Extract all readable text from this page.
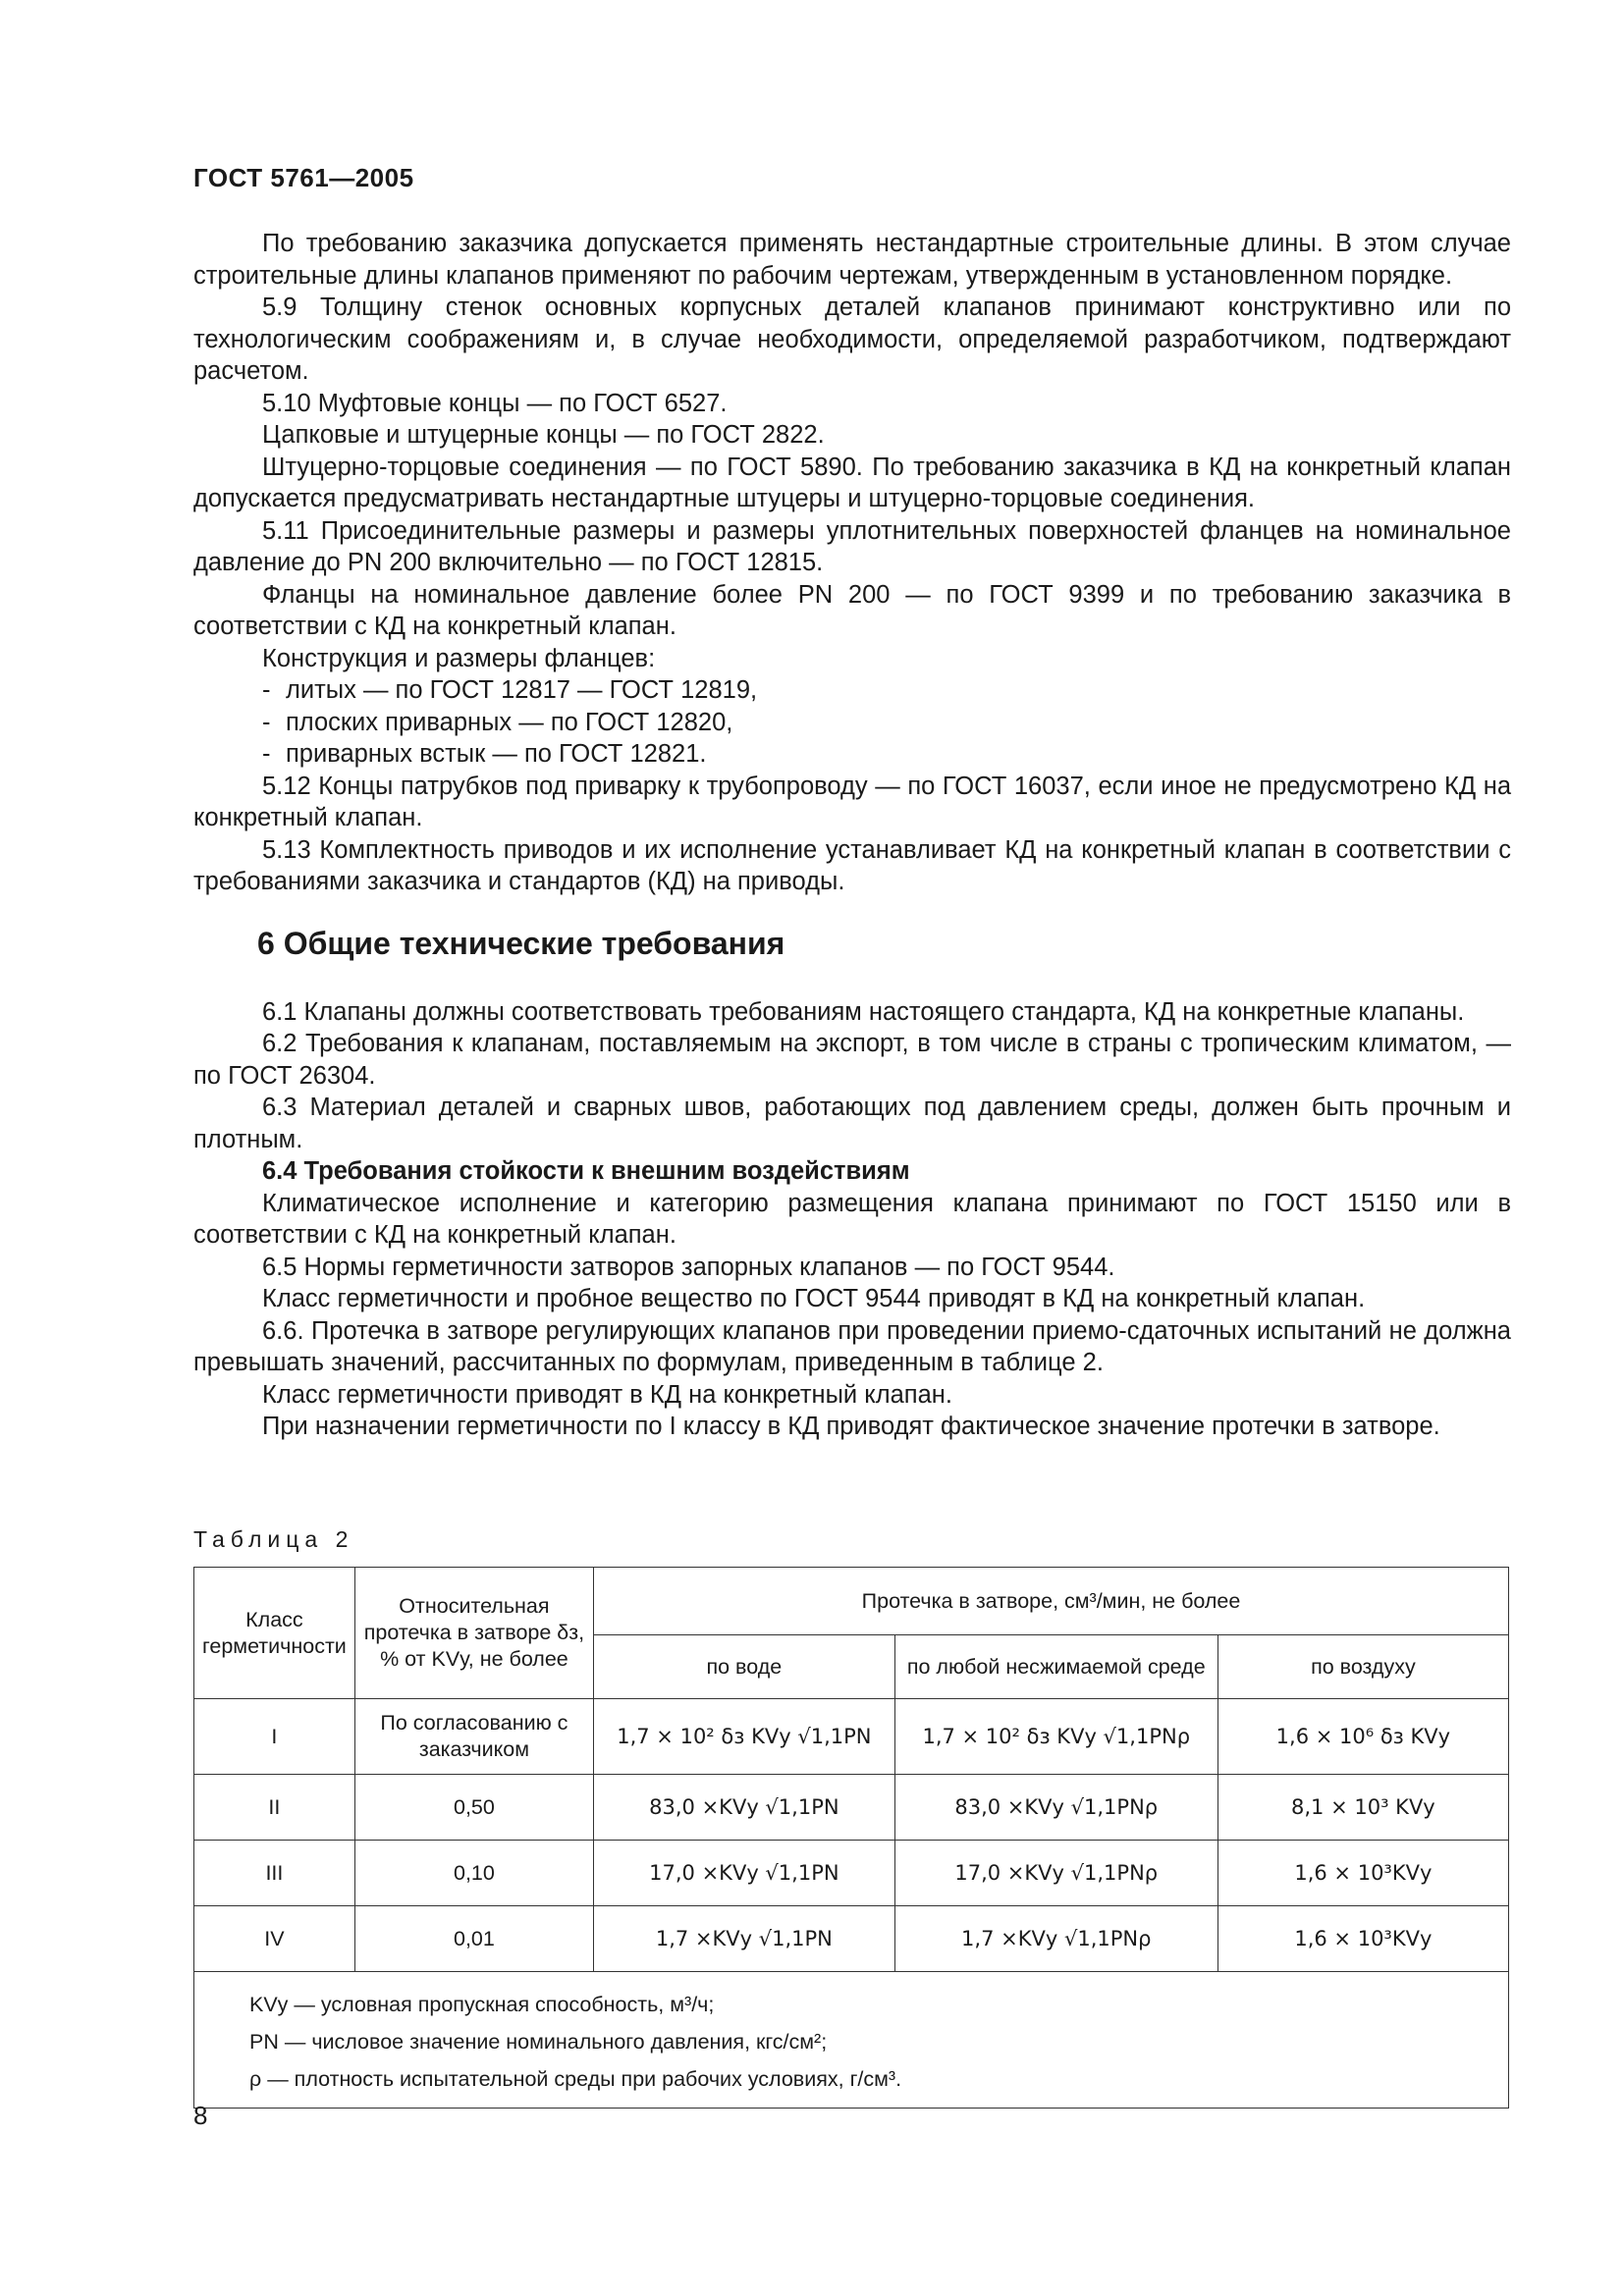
ГОСТ 5761—2005

По требованию заказчика допускается применять нестандартные строительные длины. В этом случае строительные длины клапанов применяют по рабочим чертежам, утвержденным в установленном порядке.

5.9 Толщину стенок основных корпусных деталей клапанов принимают конструктивно или по технологическим соображениям и, в случае необходимости, определяемой разработчиком, подтверждают расчетом.

5.10 Муфтовые концы — по ГОСТ 6527.

Цапковые и штуцерные концы — по ГОСТ 2822.

Штуцерно-торцовые соединения — по ГОСТ 5890. По требованию заказчика в КД на конкретный клапан допускается предусматривать нестандартные штуцеры и штуцерно-торцовые соединения.

5.11 Присоединительные размеры и размеры уплотнительных поверхностей фланцев на номинальное давление до PN 200 включительно — по ГОСТ 12815.

Фланцы на номинальное давление более PN 200 — по ГОСТ 9399 и по требованию заказчика в соответствии с КД на конкретный клапан.

Конструкция и размеры фланцев:

- литых — по ГОСТ 12817 — ГОСТ 12819,

- плоских приварных — по ГОСТ 12820,

- приварных встык — по ГОСТ 12821.

5.12 Концы патрубков под приварку к трубопроводу — по ГОСТ 16037, если иное не предусмотрено КД на конкретный клапан.

5.13 Комплектность приводов и их исполнение устанавливает КД на конкретный клапан в соответствии с требованиями заказчика и стандартов (КД) на приводы.

6 Общие технические требования

6.1 Клапаны должны соответствовать требованиям настоящего стандарта, КД на конкретные клапаны.

6.2 Требования к клапанам, поставляемым на экспорт, в том числе в страны с тропическим климатом, — по ГОСТ 26304.

6.3 Материал деталей и сварных швов, работающих под давлением среды, должен быть прочным и плотным.

6.4 Требования стойкости к внешним воздействиям

Климатическое исполнение и категорию размещения клапана принимают по ГОСТ 15150 или в соответствии с КД на конкретный клапан.

6.5 Нормы герметичности затворов запорных клапанов — по ГОСТ 9544.

Класс герметичности и пробное вещество по ГОСТ 9544 приводят в КД на конкретный клапан.

6.6. Протечка в затворе регулирующих клапанов при проведении приемо-сдаточных испытаний не должна превышать значений, рассчитанных по формулам, приведенным в таблице 2.

Класс герметичности приводят в КД на конкретный клапан.

При назначении герметичности по I классу в КД приводят фактическое значение протечки в затворе.

Таблица 2
Класс герметичности	Относительная протечка в затворе δз, % от KVу, не более	Протечка в затворе, см³/мин, не более		
		по воде	по любой несжимаемой среде	по воздуху
I	По согласованию с заказчиком	1,7 × 10² δз KVу √1,1PN	1,7 × 10² δз KVу √1,1PNρ	1,6 × 10⁶ δз KVу
II	0,50	83,0 ×KVу √1,1PN	83,0 ×KVу √1,1PNρ	8,1 × 10³ KVу
III	0,10	17,0 ×KVу √1,1PN	17,0 ×KVу √1,1PNρ	1,6 × 10³KVу
IV	0,01	1,7 ×KVу √1,1PN	1,7 ×KVу √1,1PNρ	1,6 × 10³KVу

KVу — условная пропускная способность, м³/ч;
PN — числовое значение номинального давления, кгс/см²;
ρ — плотность испытательной среды при рабочих условиях, г/см³.				
8
